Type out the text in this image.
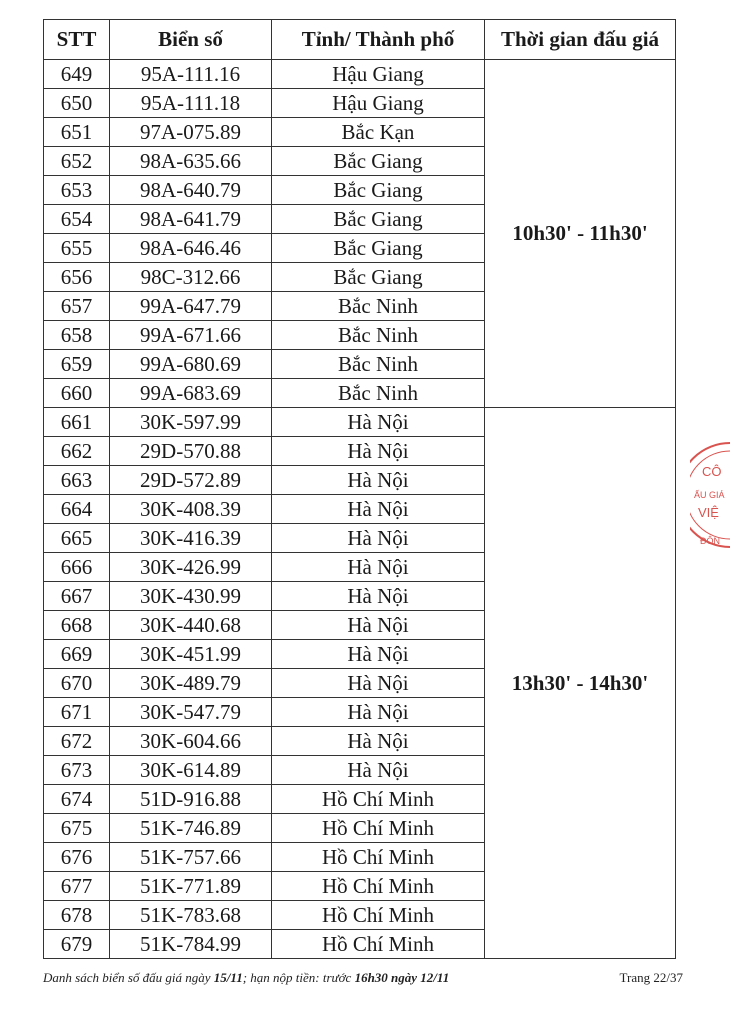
STT	Biển số	Tỉnh/ Thành phố	Thời gian đấu giá
649	95A-111.16	Hậu Giang	10h30' - 11h30'
650	95A-111.18	Hậu Giang	
651	97A-075.89	Bắc Kạn	
652	98A-635.66	Bắc Giang	
653	98A-640.79	Bắc Giang	
654	98A-641.79	Bắc Giang	
655	98A-646.46	Bắc Giang	
656	98C-312.66	Bắc Giang	
657	99A-647.79	Bắc Ninh	
658	99A-671.66	Bắc Ninh	
659	99A-680.69	Bắc Ninh	
660	99A-683.69	Bắc Ninh	
661	30K-597.99	Hà Nội	13h30' - 14h30'
662	29D-570.88	Hà Nội	
663	29D-572.89	Hà Nội	
664	30K-408.39	Hà Nội	
665	30K-416.39	Hà Nội	
666	30K-426.99	Hà Nội	
667	30K-430.99	Hà Nội	
668	30K-440.68	Hà Nội	
669	30K-451.99	Hà Nội	
670	30K-489.79	Hà Nội	
671	30K-547.79	Hà Nội	
672	30K-604.66	Hà Nội	
673	30K-614.89	Hà Nội	
674	51D-916.88	Hồ Chí Minh	
675	51K-746.89	Hồ Chí Minh	
676	51K-757.66	Hồ Chí Minh	
677	51K-771.89	Hồ Chí Minh	
678	51K-783.68	Hồ Chí Minh	
679	51K-784.99	Hồ Chí Minh	
Danh sách biển số đấu giá ngày 15/11; hạn nộp tiền: trước 16h30 ngày 12/11	Trang 22/37
CÔ
ẤU GIÁ
VIỆ
ĐÔN
